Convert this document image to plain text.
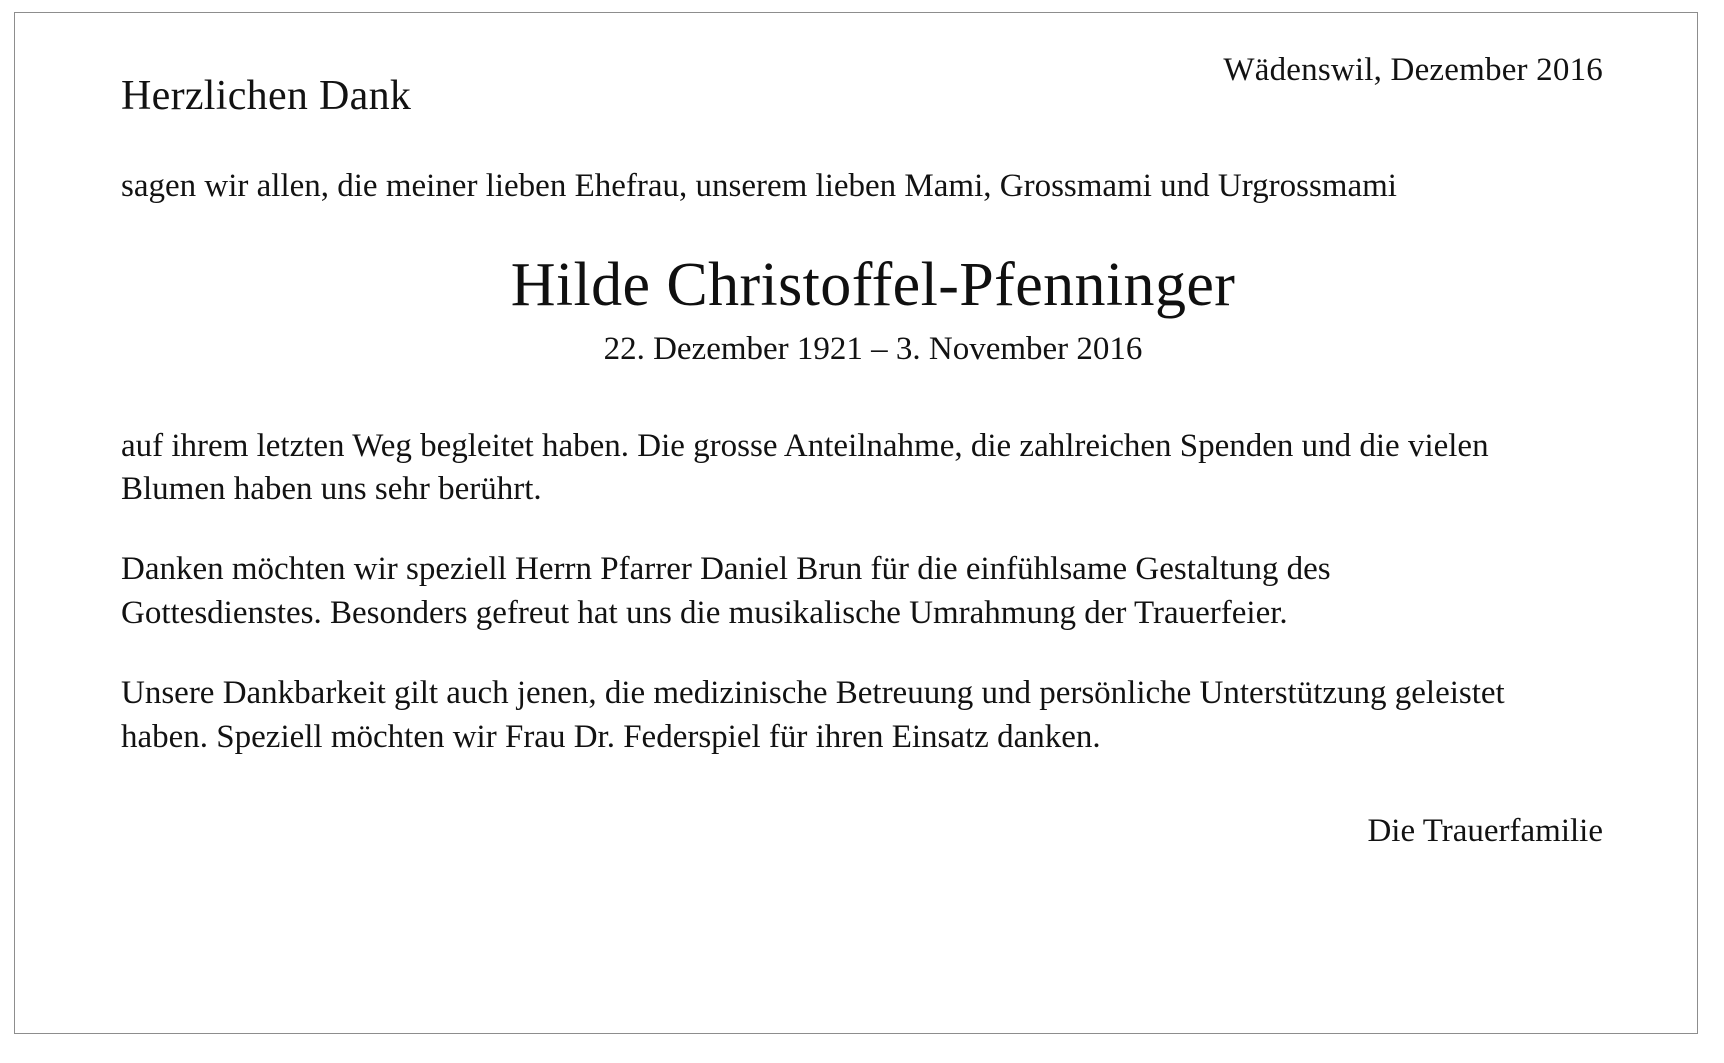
Wädenswil, Dezember 2016
Herzlichen Dank
sagen wir allen, die meiner lieben Ehefrau, unserem lieben Mami, Grossmami und Urgrossmami
Hilde Christoffel-Pfenninger
22. Dezember 1921 – 3. November 2016
auf ihrem letzten Weg begleitet haben. Die grosse Anteilnahme, die zahlreichen Spenden und die vielen Blumen haben uns sehr berührt.
Danken möchten wir speziell Herrn Pfarrer Daniel Brun für die einfühlsame Gestaltung des Gottesdienstes. Besonders gefreut hat uns die musikalische Umrahmung der Trauerfeier.
Unsere Dankbarkeit gilt auch jenen, die medizinische Betreuung und persönliche Unterstützung geleistet haben. Speziell möchten wir Frau Dr. Federspiel für ihren Einsatz danken.
Die Trauerfamilie
